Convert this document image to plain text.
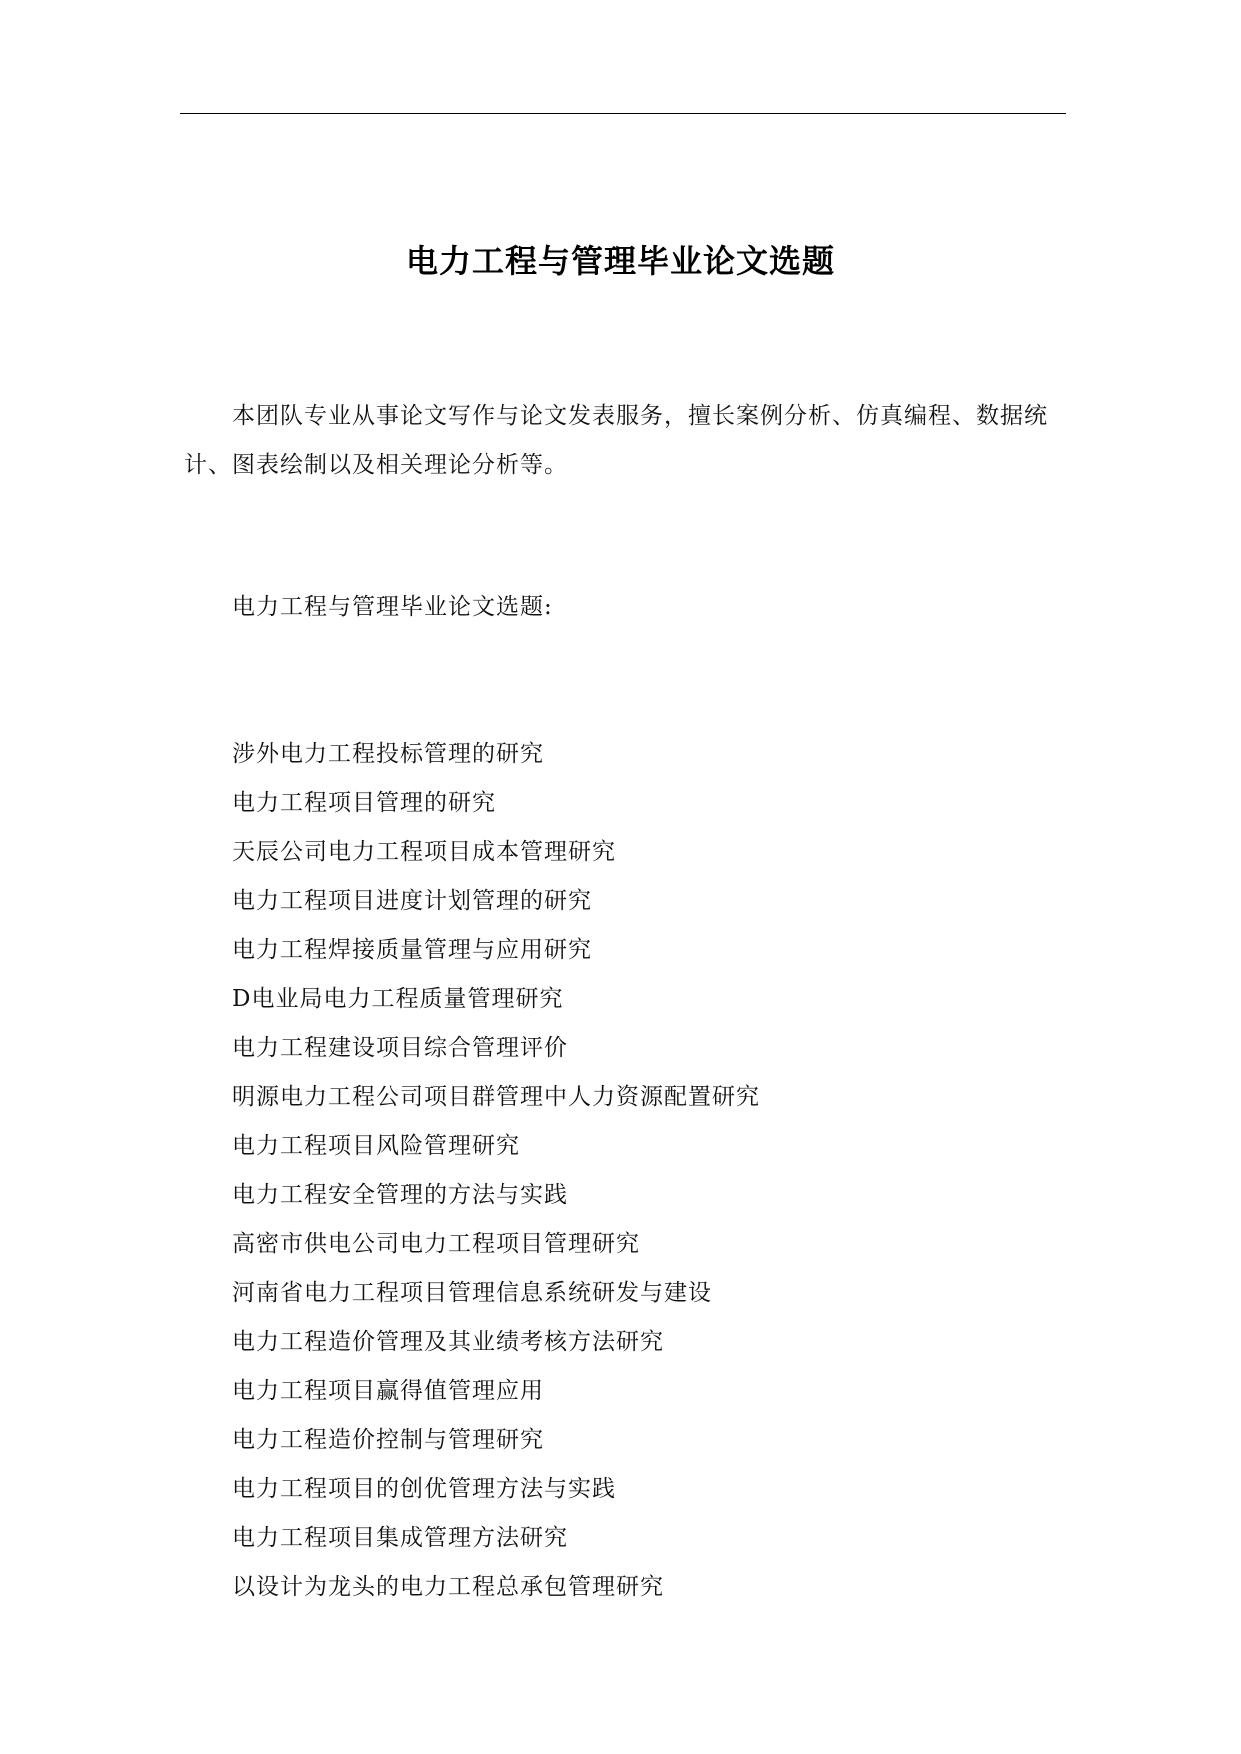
电力工程与管理毕业论文选题

本团队专业从事论文写作与论文发表服务，擅长案例分析、仿真编程、数据统计、图表绘制以及相关理论分析等。

电力工程与管理毕业论文选题:

涉外电力工程投标管理的研究
电力工程项目管理的研究
天辰公司电力工程项目成本管理研究
电力工程项目进度计划管理的研究
电力工程焊接质量管理与应用研究
D电业局电力工程质量管理研究
电力工程建设项目综合管理评价
明源电力工程公司项目群管理中人力资源配置研究
电力工程项目风险管理研究
电力工程安全管理的方法与实践
高密市供电公司电力工程项目管理研究
河南省电力工程项目管理信息系统研发与建设
电力工程造价管理及其业绩考核方法研究
电力工程项目赢得值管理应用
电力工程造价控制与管理研究
电力工程项目的创优管理方法与实践
电力工程项目集成管理方法研究
以设计为龙头的电力工程总承包管理研究
